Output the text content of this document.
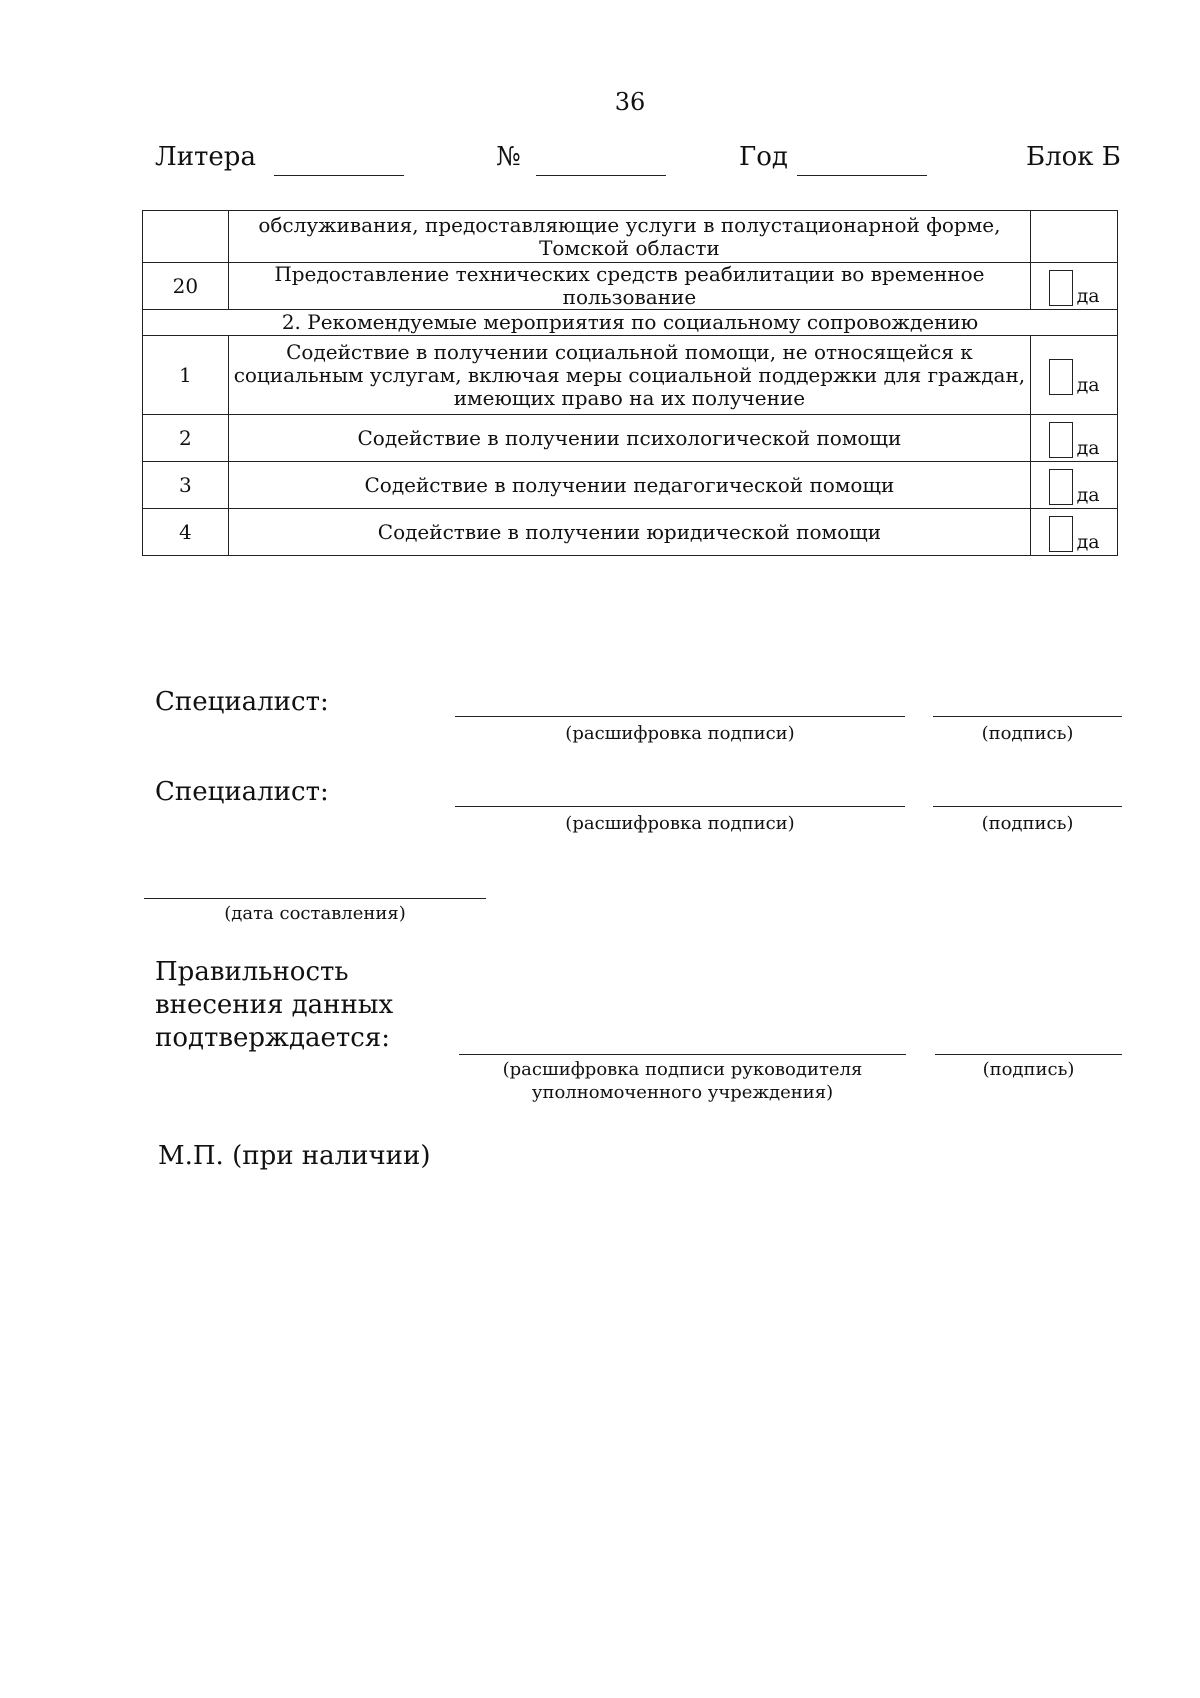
36
Литера	№	Год	Блок Б
	обслуживания, предоставляющие услуги в полустационарной форме, Томской области	
20	Предоставление технических средств реабилитации во временное пользование	да

2. Рекомендуемые мероприятия по социальному сопровождению		
1	Содействие в получении социальной помощи, не относящейся к социальным услугам, включая меры социальной поддержки для граждан, имеющих право на их получение	да

2	Содействие в получении психологической помощи	да

3	Содействие в получении педагогической помощи	да

4	Содействие в получении юридической помощи	да
Специалист:
(расшифровка подписи)	(подпись)
Специалист:
(расшифровка подписи)	(подпись)
(дата составления)
Правильность
внесения данных
подтверждается:
(расшифровка подписи руководителя
уполномоченного учреждения)
(подпись)
М.П. (при наличии)
